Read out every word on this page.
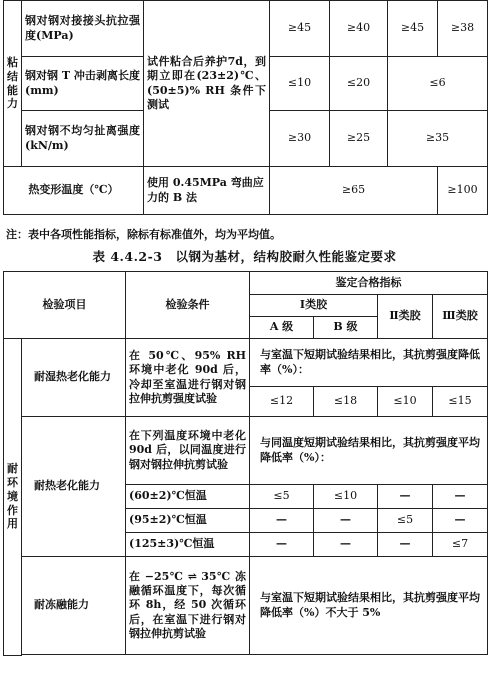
粘
结
能
力	钢对钢对接接头抗拉强度(MPa)	试件粘合后养护7d，到期立即在(23±2)℃、(50±5)% RH 条件下测试	≥45	≥40	≥45	≥38
	钢对钢 T 冲击剥离长度(mm)		≤10	≤20	≤6	
	钢对钢不均匀扯离强度(kN/m)		≥30	≥25	≥35	
热变形温度（℃）		使用 0.45MPa 弯曲应力的 B 法	≥65			≥100
注：表中各项性能指标，除标有标准值外，均为平均值。
表 4.4.2-3　以钢为基材，结构胶耐久性能鉴定要求
检验项目		检验条件	鉴定合格指标			
			Ⅰ类胶		Ⅱ类胶	Ⅲ类胶
			A 级	B 级		

耐
环
境
作
用	耐湿热老化能力	在 50℃、95% RH 环境中老化 90d 后，冷却至室温进行钢对钢拉伸抗剪强度试验	与室温下短期试验结果相比，其抗剪强度降低率（%）：			
			≤12	≤18	≤10	≤15
	耐热老化能力	在下列温度环境中老化 90d 后，以同温度进行钢对钢拉伸抗剪试验	与同温度短期试验结果相比，其抗剪强度平均降低率（%）：			
		(60±2)℃恒温	≤5	≤10	—	—
		(95±2)℃恒温	—	—	≤5	—
		(125±3)℃恒温	—	—	—	≤7
	耐冻融能力	在 −25℃ ⇌ 35℃ 冻融循环温度下，每次循环 8h，经 50 次循环后，在室温下进行钢对钢拉伸抗剪试验	与室温下短期试验结果相比，其抗剪强度平均降低率（%）不大于 5%			
